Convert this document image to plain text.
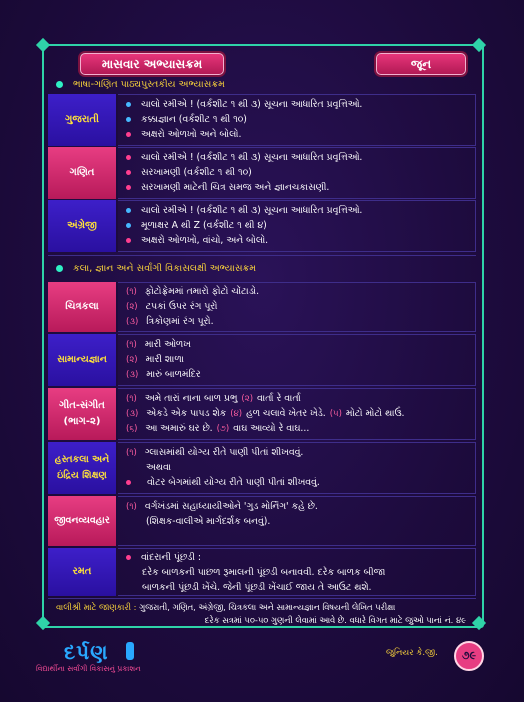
માસવાર અભ્યાસક્રમ	જૂન
ભાષા-ગણિત પાઠ્યપુસ્તકીય અભ્યાસક્રમ
ગુજરાતી
ચાલો રમીએ ! (વર્કશીટ ૧ થી ૩) સૂચના આધારિત પ્રવૃત્તિઓ.
કક્કાજ્ઞાન (વર્કશીટ ૧ થી ૧૦)
અક્ષરો ઓળખો અને બોલો.
ગણિત
ચાલો રમીએ ! (વર્કશીટ ૧ થી ૩) સૂચના આધારિત પ્રવૃત્તિઓ.
સરખામણી (વર્કશીટ ૧ થી ૧૦)
સરખામણી માટેની ચિત્ર સમજ અને જ્ઞાનચકાસણી.
અંગ્રેજી
ચાલો રમીએ ! (વર્કશીટ ૧ થી ૩) સૂચના આધારિત પ્રવૃત્તિઓ.
મૂળાક્ષર A થી Z (વર્કશીટ ૧ થી ૪)
અક્ષરો ઓળખો, વાંચો, અને બોલો.
કલા, જ્ઞાન અને સર્વાંગી વિકાસલક્ષી અભ્યાસક્રમ
ચિત્રકલા
(૧) ફોટોફ્રેમમાં તમારો ફોટો ચોંટાડો.
(૨) ટપકાં ઉપર રંગ પૂરો
(૩) ત્રિકોણમાં રંગ પૂરો.
સામાન્યજ્ઞાન
(૧) મારી ઓળખ
(૨) મારી શાળા
(૩) મારું બાળમંદિર
ગીત-સંગીત
(ભાગ-૨)
(૧) અમે તારાં નાના બાળ પ્રભુ (૨) વાર્તા રે વાર્તા
(૩) એકડે એક પાપડ શેક (૪) હળ ચલાવે ખેતર ખેડે. (૫) મોટો મોટો થાઉં.
(૬) આ અમારું ઘર છે. (૭) વાઘ આવ્યો રે વાઘ...
હસ્તકલા અને
ઇંદ્રિય શિક્ષણ
(૧) ગ્લાસમાંથી યોગ્ય રીતે પાણી પીતાં શીખવવું.
અથવા
વોટર બેગમાંથી યોગ્ય રીતે પાણી પીતાં શીખવવું.
જીવનવ્યવહાર
(૧) વર્ગખંડમાં સહાધ્યાયીઓને 'ગુડ મોર્નિંગ' કહે છે.
(શિક્ષક-વાલીએ માર્ગદર્શક બનવું).
રમત
વાંદરાની પૂંછડી :
દરેક બાળકની પાછળ રૂમાલની પૂંછડી બનાવવી. દરેક બાળક બીજા
બાળકની પૂંછડી ખેંચે. જેની પૂંછડી ખેંચાઈ જાય તે આઉટ થશે.
વાલીશ્રી માટે જાણકારી : ગુજરાતી, ગણિત, અંગ્રેજી, ચિત્રકલા અને સામાન્યજ્ઞાન વિષયની લેખિત પરીક્ષા
દરેક સત્રમાં ૫૦-૫૦ ગુણની લેવામાં આવે છે. વધારે વિગત માટે જુઓ પાનાં નં. ૪૯
દર્પણ
વિદ્યાર્થીના સર્વાંગી વિકાસનું પ્રકાશન
જુનિયર કે.જી.	૭૯
